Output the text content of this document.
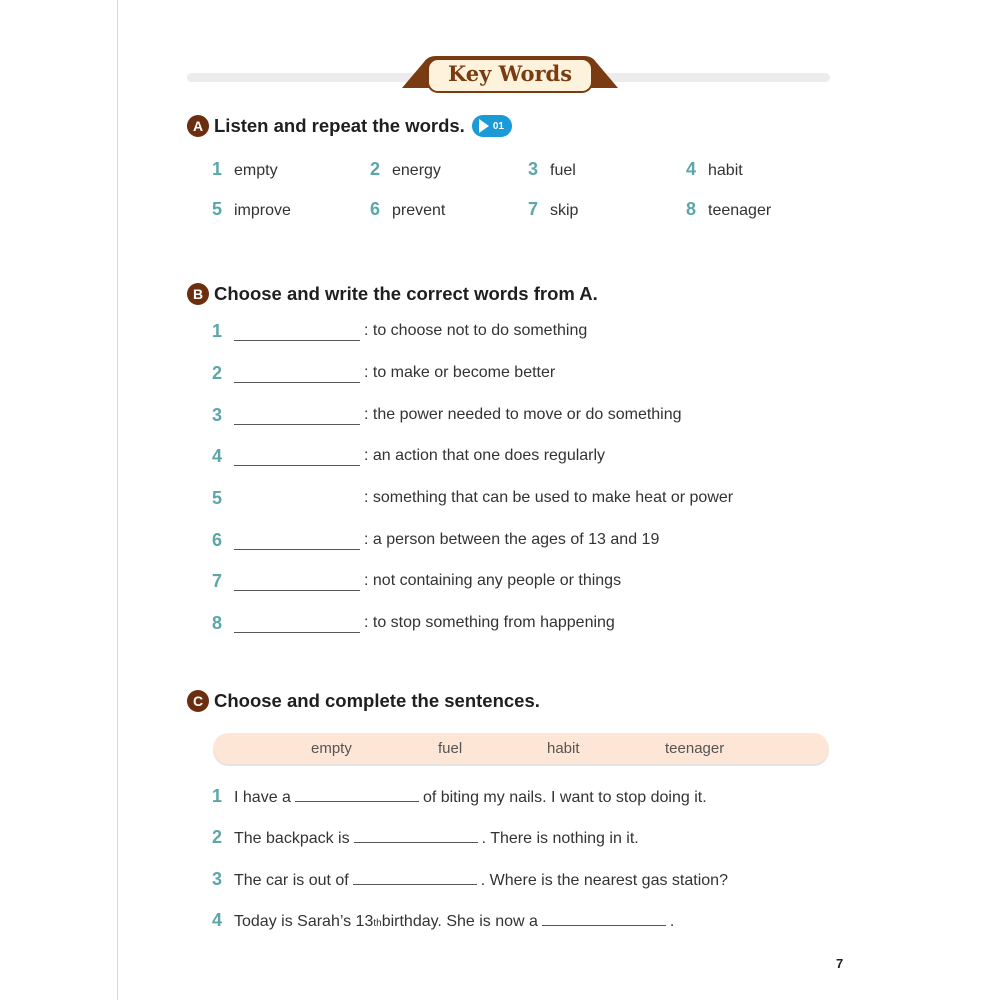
Key Words
A Listen and repeat the words.	01
1 empty	2 energy	3 fuel	4 habit
5 improve	6 prevent	7 skip	8 teenager
B Choose and write the correct words from A.
1	: to choose not to do something
2	: to make or become better
3	: the power needed to move or do something
4	: an action that one does regularly
5	: something that can be used to make heat or power
6	: a person between the ages of 13 and 19
7	: not containing any people or things
8	: to stop something from happening
C Choose and complete the sentences.
empty	fuel	habit	teenager
1 I have a	of biting my nails. I want to stop doing it.
2 The backpack is	. There is nothing in it.
3 The car is out of	. Where is the nearest gas station?
4 Today is Sarah’s 13 th birthday. She is now a	.
7
